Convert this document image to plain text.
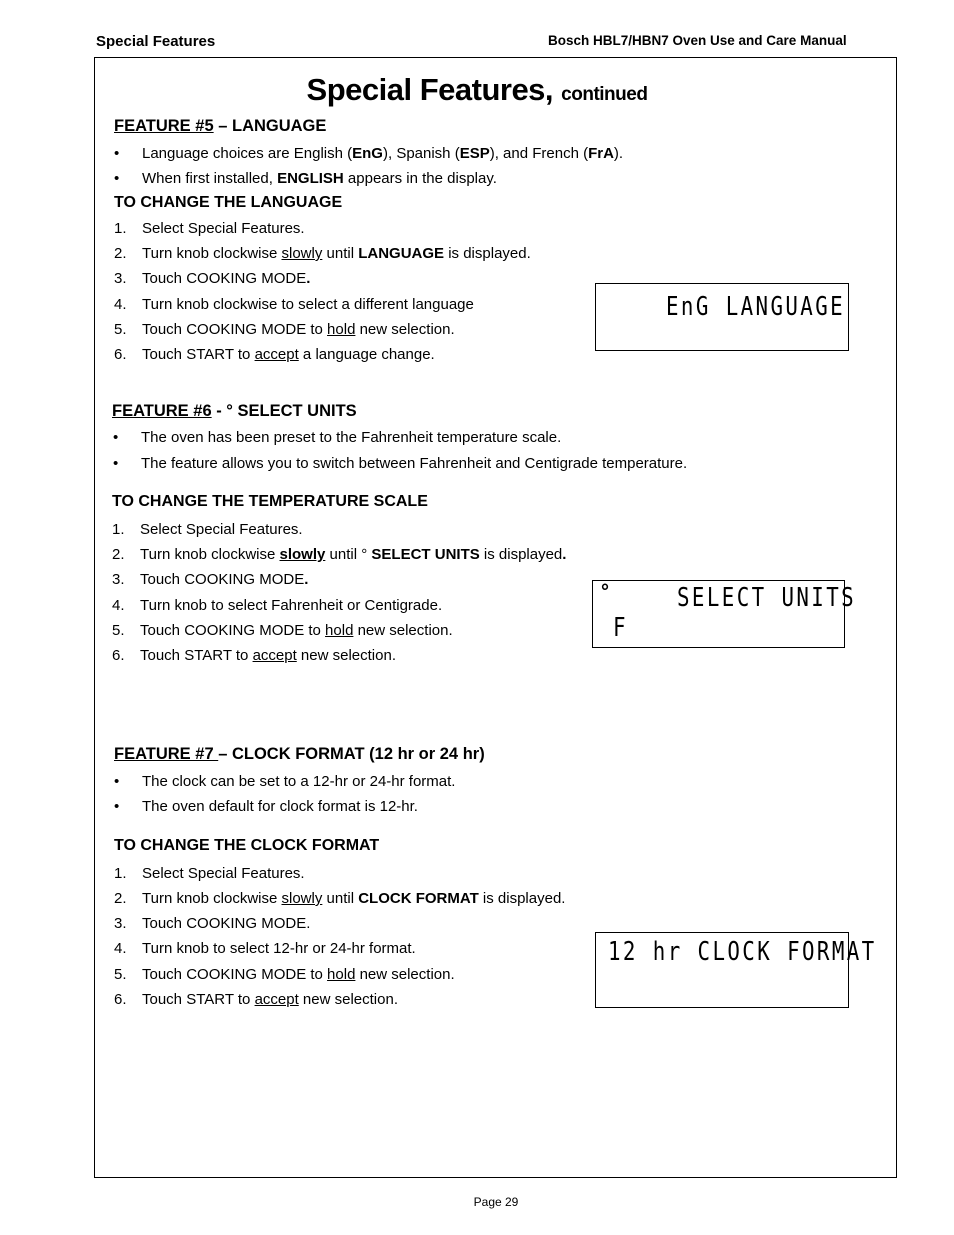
Special Features	Bosch HBL7/HBN7 Oven Use and Care Manual
Special Features, continued
FEATURE #5 – LANGUAGE
• Language choices are English (EnG), Spanish (ESP), and French (FrA).
• When first installed, ENGLISH appears in the display.
TO CHANGE THE LANGUAGE
1. Select Special Features.
2. Turn knob clockwise slowly until LANGUAGE is displayed.
3. Touch COOKING MODE.
4. Turn knob clockwise to select a different language
5. Touch COOKING MODE to hold new selection.
6. Touch START to accept a language change.
EnG LANGUAGE
FEATURE #6 - ° SELECT UNITS
• The oven has been preset to the Fahrenheit temperature scale.
• The feature allows you to switch between Fahrenheit and Centigrade temperature.
TO CHANGE THE TEMPERATURE SCALE
1. Select Special Features.
2. Turn knob clockwise slowly until ° SELECT UNITS is displayed.
3. Touch COOKING MODE.
4. Turn knob to select Fahrenheit or Centigrade.
5. Touch COOKING MODE to hold new selection.
6. Touch START to accept new selection.
°	SELECT UNITS
F
FEATURE #7 – CLOCK FORMAT (12 hr or 24 hr)
• The clock can be set to a 12-hr or 24-hr format.
• The oven default for clock format is 12-hr.
TO CHANGE THE CLOCK FORMAT
1. Select Special Features.
2. Turn knob clockwise slowly until CLOCK FORMAT is displayed.
3. Touch COOKING MODE.
4. Turn knob to select 12-hr or 24-hr format.
5. Touch COOKING MODE to hold new selection.
6. Touch START to accept new selection.
12 hr CLOCK FORMAT
Page 29
